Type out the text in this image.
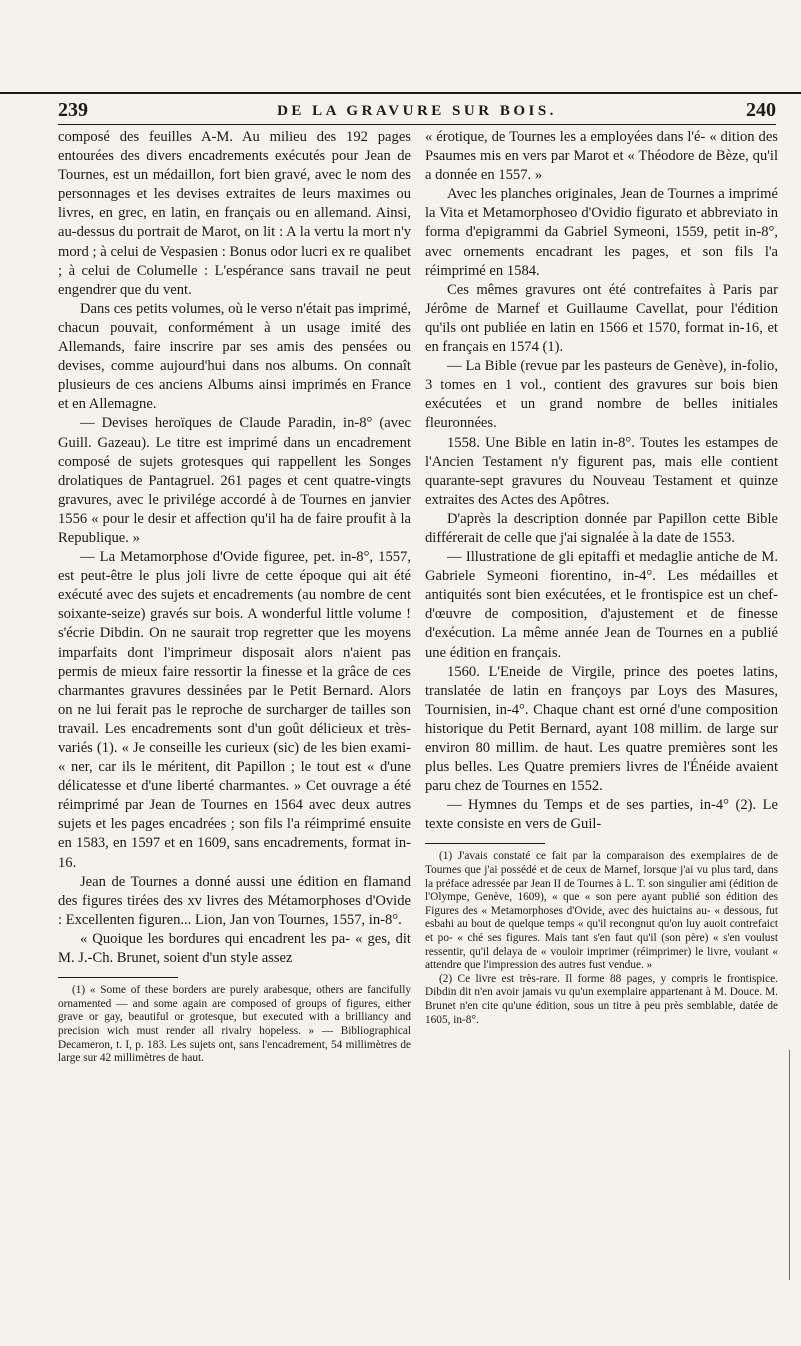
239	DE LA GRAVURE SUR BOIS.	240

composé des feuilles A-M. Au milieu des 192 pages entourées des divers encadrements exécutés pour Jean de Tournes, est un médaillon, fort bien gravé, avec le nom des personnages et les devises extraites de leurs maximes ou livres, en grec, en latin, en français ou en allemand. Ainsi, au-dessus du portrait de Marot, on lit : A la vertu la mort n'y mord ; à celui de Vespasien : Bonus odor lucri ex re qualibet ; à celui de Columelle : L'espérance sans travail ne peut engendrer que du vent.

Dans ces petits volumes, où le verso n'était pas imprimé, chacun pouvait, conformément à un usage imité des Allemands, faire inscrire par ses amis des pensées ou devises, comme aujourd'hui dans nos albums. On connaît plusieurs de ces anciens Albums ainsi imprimés en France et en Allemagne.

— Devises heroïques de Claude Paradin, in-8° (avec Guill. Gazeau). Le titre est imprimé dans un encadrement composé de sujets grotesques qui rappellent les Songes drolatiques de Pantagruel. 261 pages et cent quatre-vingts gravures, avec le privilége accordé à de Tournes en janvier 1556 « pour le desir et affection qu'il ha de faire proufit à la Republique. »

— La Metamorphose d'Ovide figuree, pet. in-8°, 1557, est peut-être le plus joli livre de cette époque qui ait été exécuté avec des sujets et encadrements (au nombre de cent soixante-seize) gravés sur bois. A wonderful little volume ! s'écrie Dibdin. On ne saurait trop regretter que les moyens imparfaits dont l'imprimeur disposait alors n'aient pas permis de mieux faire ressortir la finesse et la grâce de ces charmantes gravures dessinées par le Petit Bernard. Alors on ne lui ferait pas le reproche de surcharger de tailles son travail. Les encadrements sont d'un goût délicieux et très-variés (1). « Je conseille les curieux (sic) de les bien exami- « ner, car ils le méritent, dit Papillon ; le tout est « d'une délicatesse et d'une liberté charmantes. » Cet ouvrage a été réimprimé par Jean de Tournes en 1564 avec deux autres sujets et les pages encadrées ; son fils l'a réimprimé ensuite en 1583, en 1597 et en 1609, sans encadrements, format in-16.

Jean de Tournes a donné aussi une édition en flamand des figures tirées des xv livres des Métamorphoses d'Ovide : Excellenten figuren... Lion, Jan von Tournes, 1557, in-8°.

« Quoique les bordures qui encadrent les pa- « ges, dit M. J.-Ch. Brunet, soient d'un style assez

(1) « Some of these borders are purely arabesque, others are fancifully ornamented — and some again are composed of groups of figures, either grave or gay, beautiful or grotesque, but executed with a brilliancy and precision wich must render all rivalry hopeless. » — Bibliographical Decameron, t. I, p. 183. Les sujets ont, sans l'encadrement, 54 millimètres de large sur 42 millimètres de haut.

« érotique, de Tournes les a employées dans l'é- « dition des Psaumes mis en vers par Marot et « Théodore de Bèze, qu'il a donnée en 1557. »

Avec les planches originales, Jean de Tournes a imprimé la Vita et Metamorphoseo d'Ovidio figurato et abbreviato in forma d'epigrammi da Gabriel Symeoni, 1559, petit in-8°, avec ornements encadrant les pages, et son fils l'a réimprimé en 1584.

Ces mêmes gravures ont été contrefaites à Paris par Jérôme de Marnef et Guillaume Cavellat, pour l'édition qu'ils ont publiée en latin en 1566 et 1570, format in-16, et en français en 1574 (1).

— La Bible (revue par les pasteurs de Genève), in-folio, 3 tomes en 1 vol., contient des gravures sur bois bien exécutées et un grand nombre de belles initiales fleuronnées.

1558. Une Bible en latin in-8°. Toutes les estampes de l'Ancien Testament n'y figurent pas, mais elle contient quarante-sept gravures du Nouveau Testament et quinze extraites des Actes des Apôtres.

D'après la description donnée par Papillon cette Bible différerait de celle que j'ai signalée à la date de 1553.

— Illustratione de gli epitaffi et medaglie antiche de M. Gabriele Symeoni fiorentino, in-4°. Les médailles et antiquités sont bien exécutées, et le frontispice est un chef-d'œuvre de composition, d'ajustement et de finesse d'exécution. La même année Jean de Tournes en a publié une édition en français.

1560. L'Eneide de Virgile, prince des poetes latins, translatée de latin en françoys par Loys des Masures, Tournisien, in-4°. Chaque chant est orné d'une composition historique du Petit Bernard, ayant 108 millim. de large sur environ 80 millim. de haut. Les quatre premières sont les plus belles. Les Quatre premiers livres de l'Énéide avaient paru chez de Tournes en 1552.

— Hymnes du Temps et de ses parties, in-4° (2). Le texte consiste en vers de Guil-

(1) J'avais constaté ce fait par la comparaison des exemplaires de de Tournes que j'ai possédé et de ceux de Marnef, lorsque j'ai vu plus tard, dans la préface adressée par Jean II de Tournes à L. T. son singulier ami (édition de l'Olympe, Genève, 1609), « que « son pere ayant publié son édition des Figures des « Metamorphoses d'Ovide, avec des huictains au- « dessous, fut esbahi au bout de quelque temps « qu'il recongnut qu'on luy auoit contrefaict et po- « ché ses figures. Mais tant s'en faut qu'il (son père) « s'en voulust ressentir, qu'il delaya de « vouloir imprimer (réimprimer) le livre, voulant « attendre que l'impression des autres fust vendue. »

(2) Ce livre est très-rare. Il forme 88 pages, y compris le frontispice. Dibdin dit n'en avoir jamais vu qu'un exemplaire appartenant à M. Douce. M. Brunet n'en cite qu'une édition, sous un titre à peu près semblable, datée de 1605, in-8°.
